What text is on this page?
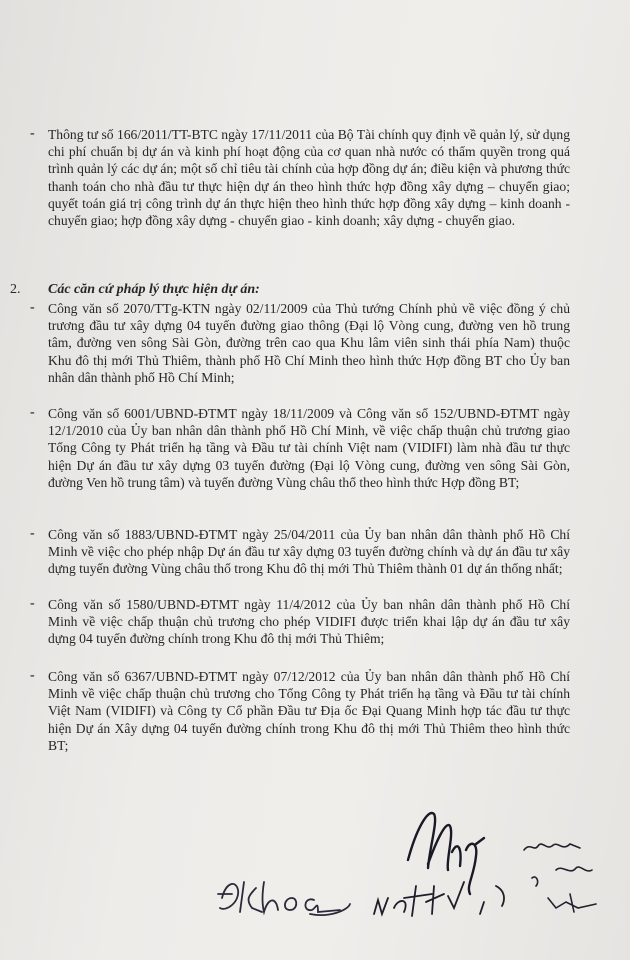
- Thông tư số 166/2011/TT-BTC ngày 17/11/2011 của Bộ Tài chính quy định về quản lý, sử dụng chi phí chuẩn bị dự án và kinh phí hoạt động của cơ quan nhà nước có thẩm quyền trong quá trình quản lý các dự án; một số chỉ tiêu tài chính của hợp đồng dự án; điều kiện và phương thức thanh toán cho nhà đầu tư thực hiện dự án theo hình thức hợp đồng xây dựng – chuyển giao; quyết toán giá trị công trình dự án thực hiện theo hình thức hợp đồng xây dựng – kinh doanh - chuyển giao; hợp đồng xây dựng - chuyển giao - kinh doanh; xây dựng - chuyển giao.
2. Các căn cứ pháp lý thực hiện dự án:
- Công văn số 2070/TTg-KTN ngày 02/11/2009 của Thủ tướng Chính phủ về việc đồng ý chủ trương đầu tư xây dựng 04 tuyến đường giao thông (Đại lộ Vòng cung, đường ven hồ trung tâm, đường ven sông Sài Gòn, đường trên cao qua Khu lâm viên sinh thái phía Nam) thuộc Khu đô thị mới Thủ Thiêm, thành phố Hồ Chí Minh theo hình thức Hợp đồng BT cho Ủy ban nhân dân thành phố Hồ Chí Minh;
- Công văn số 6001/UBND-ĐTMT ngày 18/11/2009 và Công văn số 152/UBND-ĐTMT ngày 12/1/2010 của Ủy ban nhân dân thành phố Hồ Chí Minh, về việc chấp thuận chủ trương giao Tổng Công ty Phát triển hạ tầng và Đầu tư tài chính Việt nam (VIDIFI) làm nhà đầu tư thực hiện Dự án đầu tư xây dựng 03 tuyến đường (Đại lộ Vòng cung, đường ven sông Sài Gòn, đường Ven hồ trung tâm) và tuyến đường Vùng châu thổ theo hình thức Hợp đồng BT;
- Công văn số 1883/UBND-ĐTMT ngày 25/04/2011 của Ủy ban nhân dân thành phố Hồ Chí Minh về việc cho phép nhập Dự án đầu tư xây dựng 03 tuyến đường chính và dự án đầu tư xây dựng tuyến đường Vùng châu thổ trong Khu đô thị mới Thủ Thiêm thành 01 dự án thống nhất;
- Công văn số 1580/UBND-ĐTMT ngày 11/4/2012 của Ủy ban nhân dân thành phố Hồ Chí Minh về việc chấp thuận chủ trương cho phép VIDIFI được triển khai lập dự án đầu tư xây dựng 04 tuyến đường chính trong Khu đô thị mới Thủ Thiêm;
- Công văn số 6367/UBND-ĐTMT ngày 07/12/2012 của Ủy ban nhân dân thành phố Hồ Chí Minh về việc chấp thuận chủ trương cho Tổng Công ty Phát triển hạ tầng và Đầu tư tài chính Việt Nam (VIDIFI) và Công ty Cổ phần Đầu tư Địa ốc Đại Quang Minh hợp tác đầu tư thực hiện Dự án Xây dựng 04 tuyến đường chính trong Khu đô thị mới Thủ Thiêm theo hình thức BT;
